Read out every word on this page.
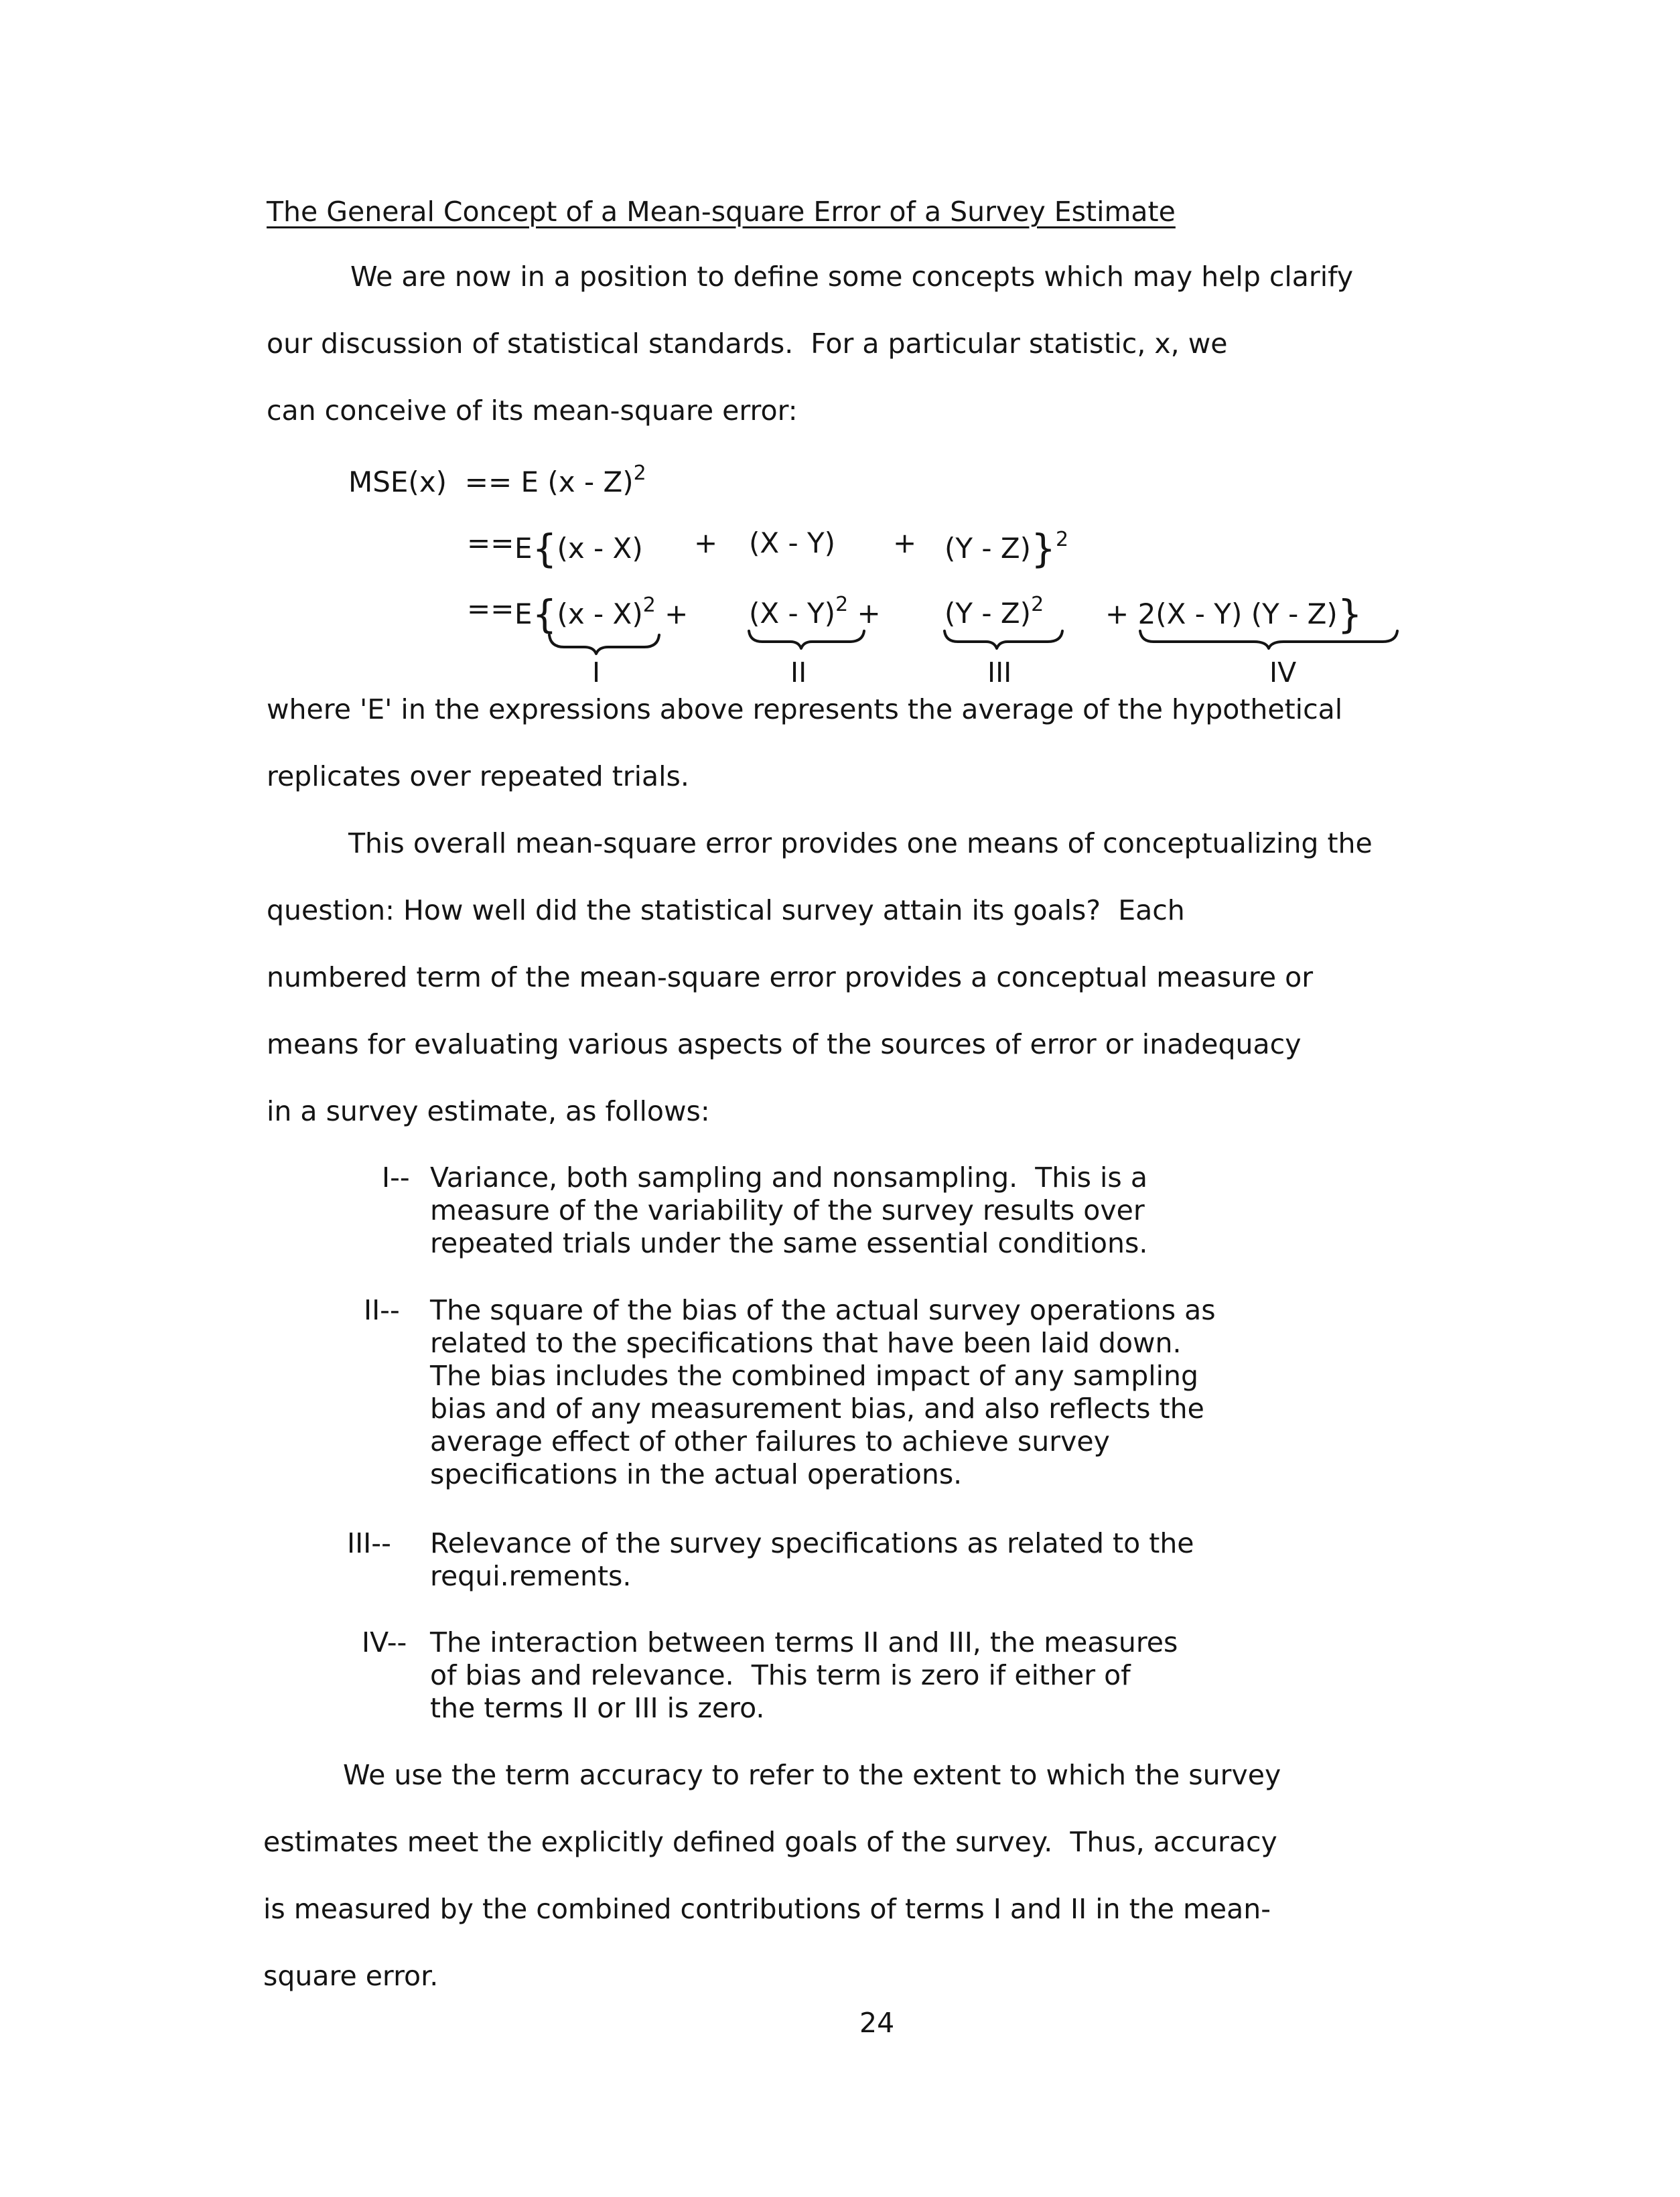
The General Concept of a Mean-square Error of a Survey Estimate
We are now in a position to define some concepts which may help clarify
our discussion of statistical standards.  For a particular statistic, x, we
can conceive of its mean-square error:
MSE(x) == E (x - Z)$^2$
== $E\{(x - X) + (X - Y) + (Y - Z)\}^2$
== E{(x - X)$^2$ + (X - Y)$^2$ + (Y - Z)$^2$ + 2(X - Y) (Y - Z)}
I	II	III	IV
where 'E' in the expressions above represents the average of the hypothetical
replicates over repeated trials.
This overall mean-square error provides one means of conceptualizing the
question: How well did the statistical survey attain its goals?  Each
numbered term of the mean-square error provides a conceptual measure or
means for evaluating various aspects of the sources of error or inadequacy
in a survey estimate, as follows:
I-- Variance, both sampling and nonsampling.  This is a
measure of the variability of the survey results over
repeated trials under the same essential conditions.
II-- The square of the bias of the actual survey operations as
related to the specifications that have been laid down.
The bias includes the combined impact of any sampling
bias and of any measurement bias, and also reflects the
average effect of other failures to achieve survey
specifications in the actual operations.
III-- Relevance of the survey specifications as related to the
requi.rements.
IV-- The interaction between terms II and III, the measures
of bias and relevance.  This term is zero if either of
the terms II or III is zero.
We use the term accuracy to refer to the extent to which the survey
estimates meet the explicitly defined goals of the survey.  Thus, accuracy
is measured by the combined contributions of terms I and II in the mean-
square error.
24
